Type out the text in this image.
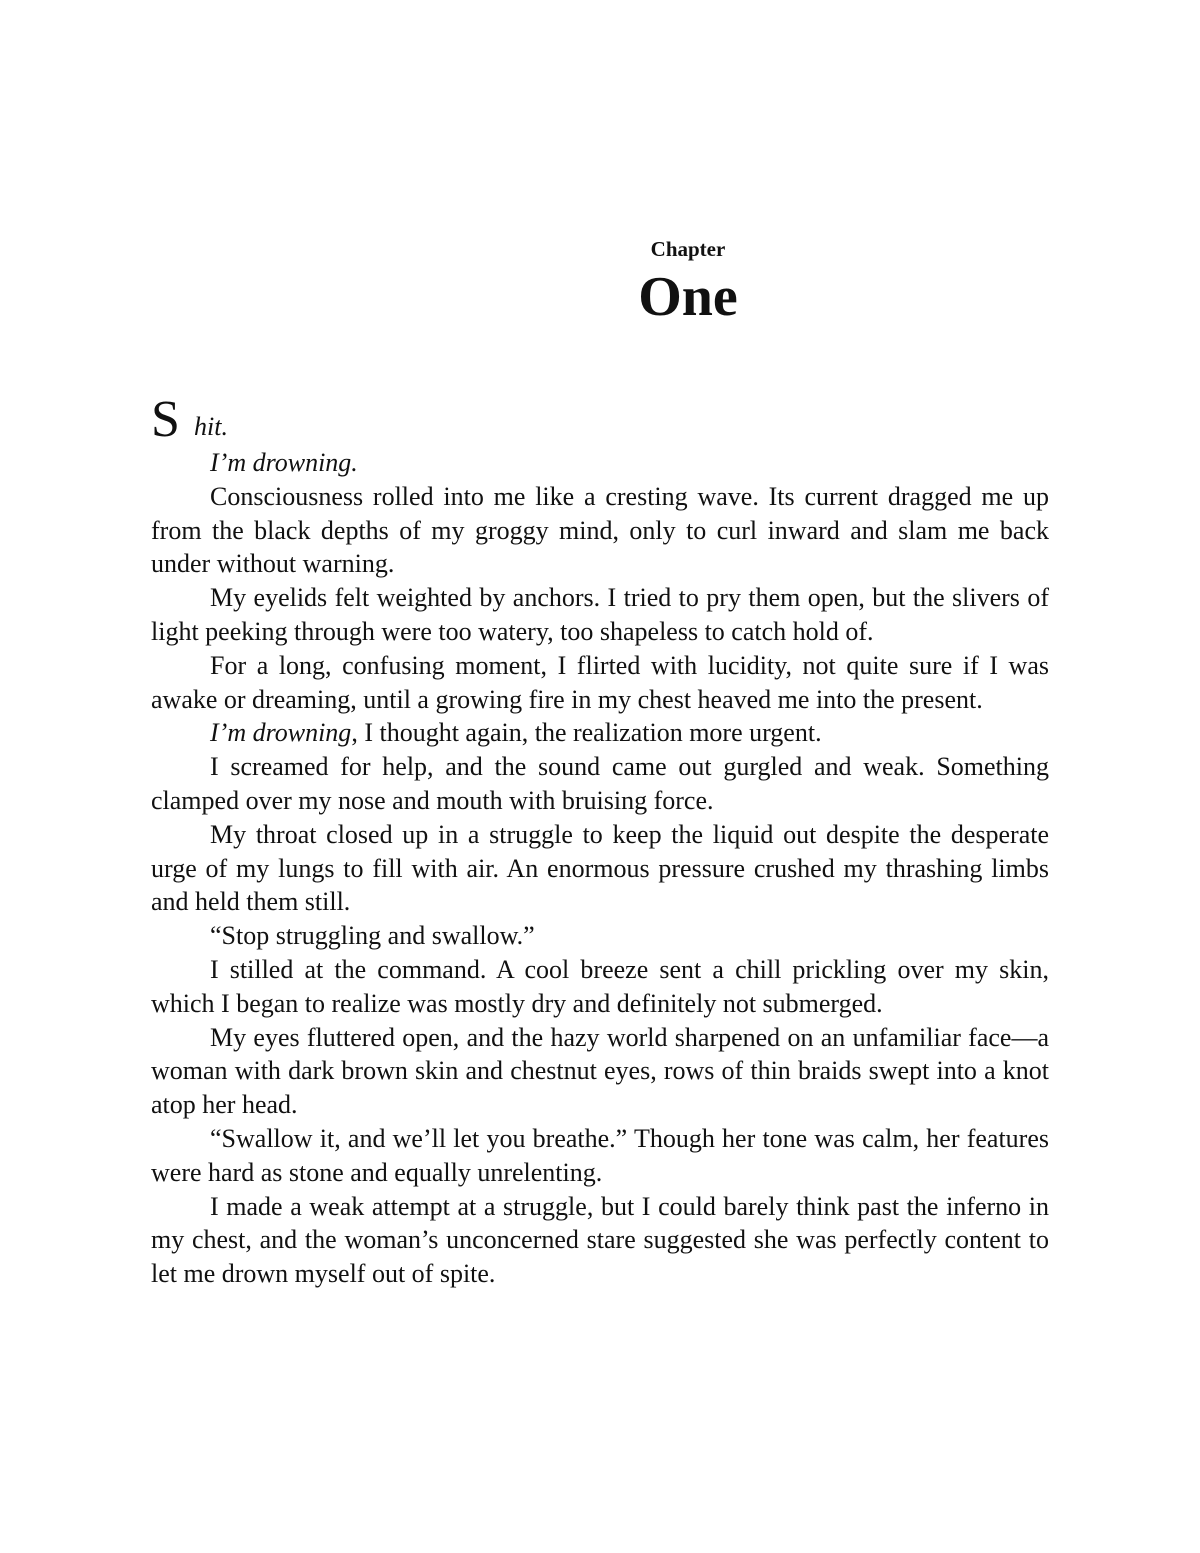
Chapter
One

S hit.

I’m drowning.

Consciousness rolled into me like a cresting wave. Its current dragged me up from the black depths of my groggy mind, only to curl inward and slam me back under without warning.

My eyelids felt weighted by anchors. I tried to pry them open, but the slivers of light peeking through were too watery, too shapeless to catch hold of.

For a long, confusing moment, I flirted with lucidity, not quite sure if I was awake or dreaming, until a growing fire in my chest heaved me into the present.

I’m drowning, I thought again, the realization more urgent.

I screamed for help, and the sound came out gurgled and weak. Something clamped over my nose and mouth with bruising force.

My throat closed up in a struggle to keep the liquid out despite the desperate urge of my lungs to fill with air. An enormous pressure crushed my thrashing limbs and held them still.

“Stop struggling and swallow.”

I stilled at the command. A cool breeze sent a chill prickling over my skin, which I began to realize was mostly dry and definitely not submerged.

My eyes fluttered open, and the hazy world sharpened on an unfamiliar face—a woman with dark brown skin and chestnut eyes, rows of thin braids swept into a knot atop her head.

“Swallow it, and we’ll let you breathe.” Though her tone was calm, her features were hard as stone and equally unrelenting.

I made a weak attempt at a struggle, but I could barely think past the inferno in my chest, and the woman’s unconcerned stare suggested she was perfectly content to let me drown myself out of spite.
